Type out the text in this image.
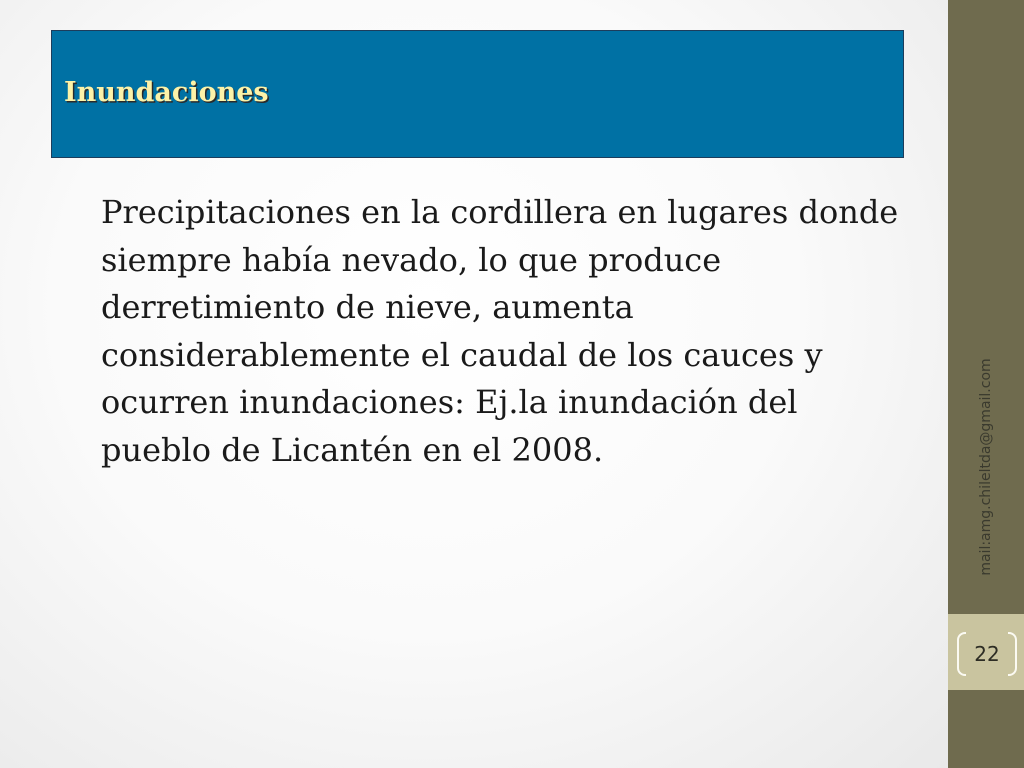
Inundaciones

Precipitaciones en la cordillera en lugares donde siempre había nevado, lo que produce derretimiento de nieve, aumenta considerablemente el caudal de los cauces y ocurren inundaciones: Ej.la inundación del pueblo de Licantén en el 2008.	mail:amg.chileltda@gmail.com
22
